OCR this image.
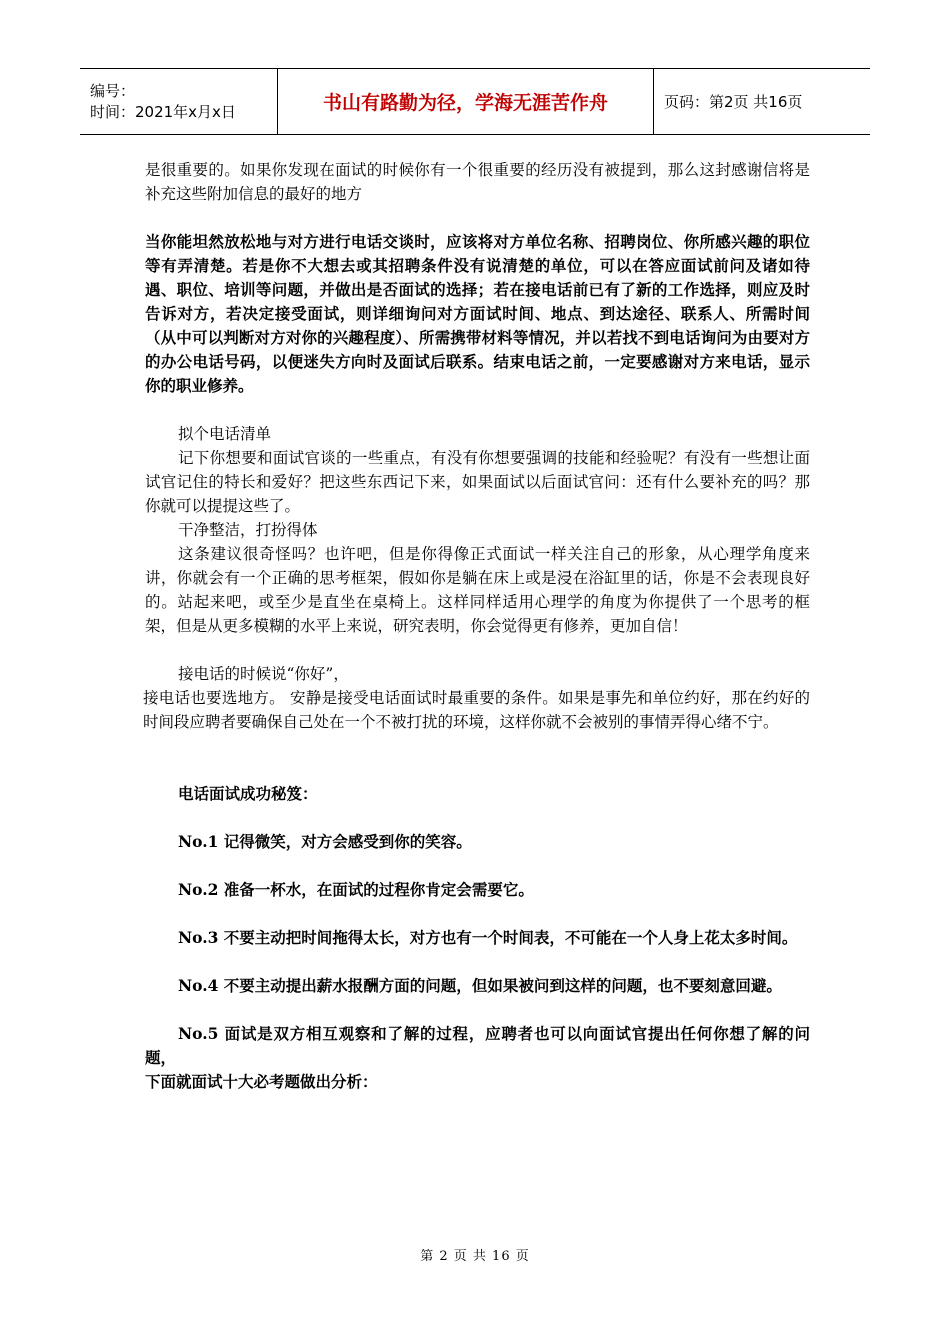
编号：
时间：2021年x月x日	书山有路勤为径，学海无涯苦作舟	页码：第2页 共16页

是很重要的。如果你发现在面试的时候你有一个很重要的经历没有被提到，那么这封感谢信将是补充这些附加信息的最好的地方

当你能坦然放松地与对方进行电话交谈时，应该将对方单位名称、招聘岗位、你所感兴趣的职位等有弄清楚。若是你不大想去或其招聘条件没有说清楚的单位，可以在答应面试前问及诸如待遇、职位、培训等问题，并做出是否面试的选择；若在接电话前已有了新的工作选择，则应及时告诉对方，若决定接受面试，则详细询问对方面试时间、地点、到达途径、联系人、所需时间（从中可以判断对方对你的兴趣程度）、所需携带材料等情况，并以若找不到电话询问为由要对方的办公电话号码，以便迷失方向时及面试后联系。结束电话之前，一定要感谢对方来电话，显示你的职业修养。

拟个电话清单

记下你想要和面试官谈的一些重点，有没有你想要强调的技能和经验呢？有没有一些想让面试官记住的特长和爱好？把这些东西记下来，如果面试以后面试官问：还有什么要补充的吗？那你就可以提提这些了。

干净整洁，打扮得体

这条建议很奇怪吗？也许吧，但是你得像正式面试一样关注自己的形象，从心理学角度来讲，你就会有一个正确的思考框架，假如你是躺在床上或是浸在浴缸里的话，你是不会表现良好的。站起来吧，或至少是直坐在桌椅上。这样同样适用心理学的角度为你提供了一个思考的框架，但是从更多模糊的水平上来说，研究表明，你会觉得更有修养，更加自信！

接电话的时候说“你好”，

接电话也要选地方。 安静是接受电话面试时最重要的条件。如果是事先和单位约好，那在约好的时间段应聘者要确保自己处在一个不被打扰的环境，这样你就不会被别的事情弄得心绪不宁。

电话面试成功秘笈：

No.1 记得微笑，对方会感受到你的笑容。

No.2 准备一杯水，在面试的过程你肯定会需要它。

No.3 不要主动把时间拖得太长，对方也有一个时间表，不可能在一个人身上花太多时间。

No.4 不要主动提出薪水报酬方面的问题，但如果被问到这样的问题，也不要刻意回避。

No.5 面试是双方相互观察和了解的过程，应聘者也可以向面试官提出任何你想了解的问题，

下面就面试十大必考题做出分析：

第 2 页 共 16 页
